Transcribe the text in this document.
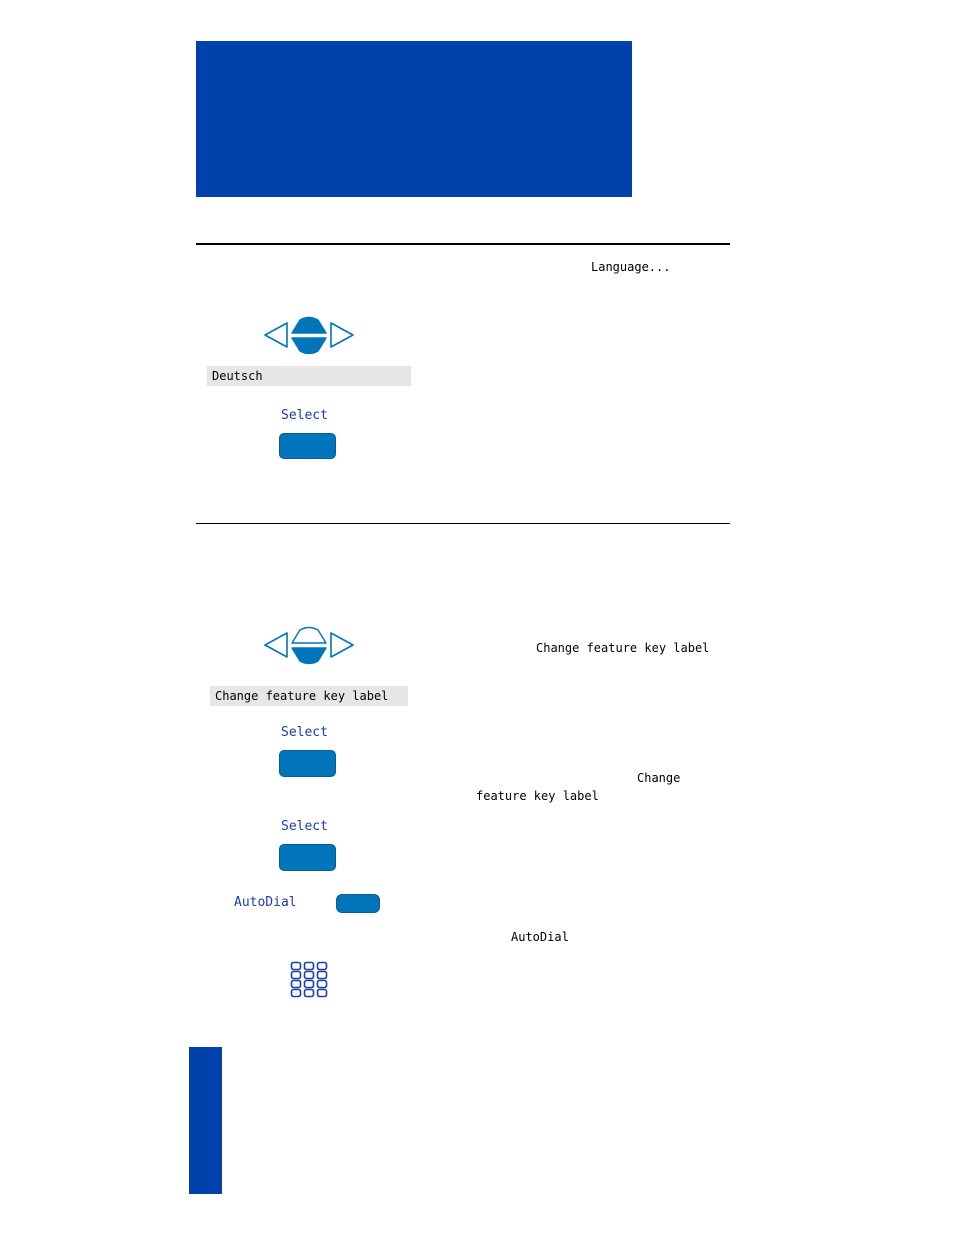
Language...
Deutsch
Select
Change feature key label
Change feature key label
Select
Change
feature key label
Select
AutoDial
AutoDial
